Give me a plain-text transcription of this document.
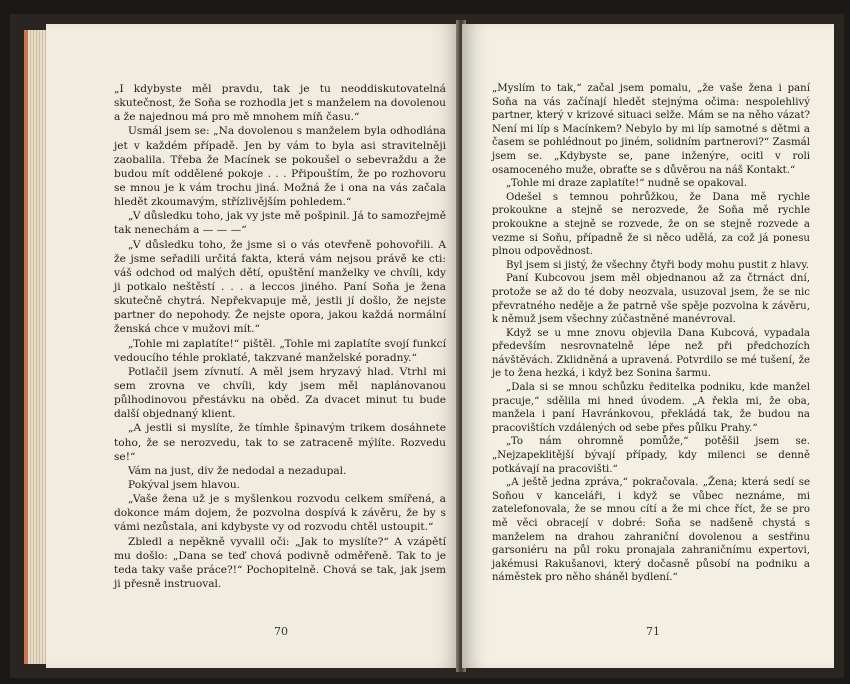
„I kdybyste měl pravdu, tak je tu neoddiskutovatelná skutečnost, že Soňa se rozhodla jet s manželem na dovolenou a že najednou má pro mě mnohem míň času.“

Usmál jsem se: „Na dovolenou s manželem byla odhodlána jet v každém případě. Jen by vám to byla asi stravitelněji zaobalila. Třeba že Macínek se pokoušel o sebevraždu a že budou mít oddělené pokoje . . . Připouštím, že po rozhovoru se mnou je k vám trochu jiná. Možná že i ona na vás začala hledět zkoumavým, střízlivějším pohledem.“

„V důsledku toho, jak vy jste mě pošpinil. Já to samozřejmě tak nenechám a — — —“

„V důsledku toho, že jsme si o vás otevřeně pohovořili. A že jsme seřadili určitá fakta, která vám nejsou právě ke cti: váš odchod od malých dětí, opuštění manželky ve chvíli, kdy ji potkalo neštěstí . . . a leccos jiného. Paní Soňa je žena skutečně chytrá. Nepřekvapuje mě, jestli jí došlo, že nejste partner do nepohody. Že nejste opora, jakou každá normální ženská chce v mužovi mít.“

„Tohle mi zaplatíte!“ pištěl. „Tohle mi zaplatíte svojí funkcí vedoucího téhle proklaté, takzvané manželské poradny.“

Potlačil jsem zívnutí. A měl jsem hryzavý hlad. Vtrhl mi sem zrovna ve chvíli, kdy jsem měl naplánovanou půlhodinovou přestávku na oběd. Za dvacet minut tu bude další objednaný klient.

„A jestli si myslíte, že tímhle špinavým trikem dosáhnete toho, že se nerozvedu, tak to se zatraceně mýlíte. Rozvedu se!“

Vám na just, div že nedodal a nezadupal.

Pokýval jsem hlavou.

„Vaše žena už je s myšlenkou rozvodu celkem smířená, a dokonce mám dojem, že pozvolna dospívá k závěru, že by s vámi nezůstala, ani kdybyste vy od rozvodu chtěl ustoupit.“

Zbledl a nepěkně vyvalil oči: „Jak to myslíte?“ A vzápětí mu došlo: „Dana se teď chová podivně odměřeně. Tak to je teda taky vaše práce?!“ Pochopitelně. Chová se tak, jak jsem ji přesně instruoval.

70

„Myslím to tak,“ začal jsem pomalu, „že vaše žena i paní Soňa na vás začínají hledět stejnýma očima: nespolehlivý partner, který v krizové situaci selže. Mám se na něho vázat? Není mi líp s Macínkem? Nebylo by mi líp samotné s dětmi a časem se pohlédnout po jiném, solidním partnerovi?“ Zasmál jsem se. „Kdybyste se, pane inženýre, ocitl v roli osamoceného muže, obraťte se s důvěrou na náš Kontakt.“

„Tohle mi draze zaplatíte!“ nudně se opakoval.

Odešel s temnou pohrůžkou, že Dana mě rychle prokoukne a stejně se nerozvede, že Soňa mě rychle prokoukne a stejně se rozvede, že on se stejně rozvede a vezme si Soňu, případně že si něco udělá, za což já ponesu plnou odpovědnost.

Byl jsem si jistý, že všechny čtyři body mohu pustit z hlavy.

Paní Kubcovou jsem měl objednanou až za čtrnáct dní, protože se až do té doby neozvala, usuzoval jsem, že se nic převratného neděje a že patrně vše spěje pozvolna k závěru, k němuž jsem všechny zúčastněné manévroval.

Když se u mne znovu objevila Dana Kubcová, vypadala především nesrovnatelně lépe než při předchozích návštěvách. Zklidněná a upravená. Potvrdilo se mé tušení, že je to žena hezká, i když bez Sonina šarmu.

„Dala si se mnou schůzku ředitelka podniku, kde manžel pracuje,“ sdělila mi hned úvodem. „A řekla mi, že oba, manžela i paní Havránkovou, překládá tak, že budou na pracovištích vzdálených od sebe přes půlku Prahy.“

„To nám ohromně pomůže,“ potěšil jsem se. „Nejzapeklitější bývají případy, kdy milenci se denně potkávají na pracovišti.“

„A ještě jedna zpráva,“ pokračovala. „Žena; která sedí se Soňou v kanceláři, i když se vůbec neznáme, mi zatelefonovala, že se mnou cítí a že mi chce říct, že se pro mě věci obracejí v dobré: Soňa se nadšeně chystá s manželem na drahou zahraniční dovolenou a sestřinu garsoniéru na půl roku pronajala zahraničnímu expertovi, jakémusi Rakušanovi, který dočasně působí na podniku a náměstek pro něho sháněl bydlení.“

71
